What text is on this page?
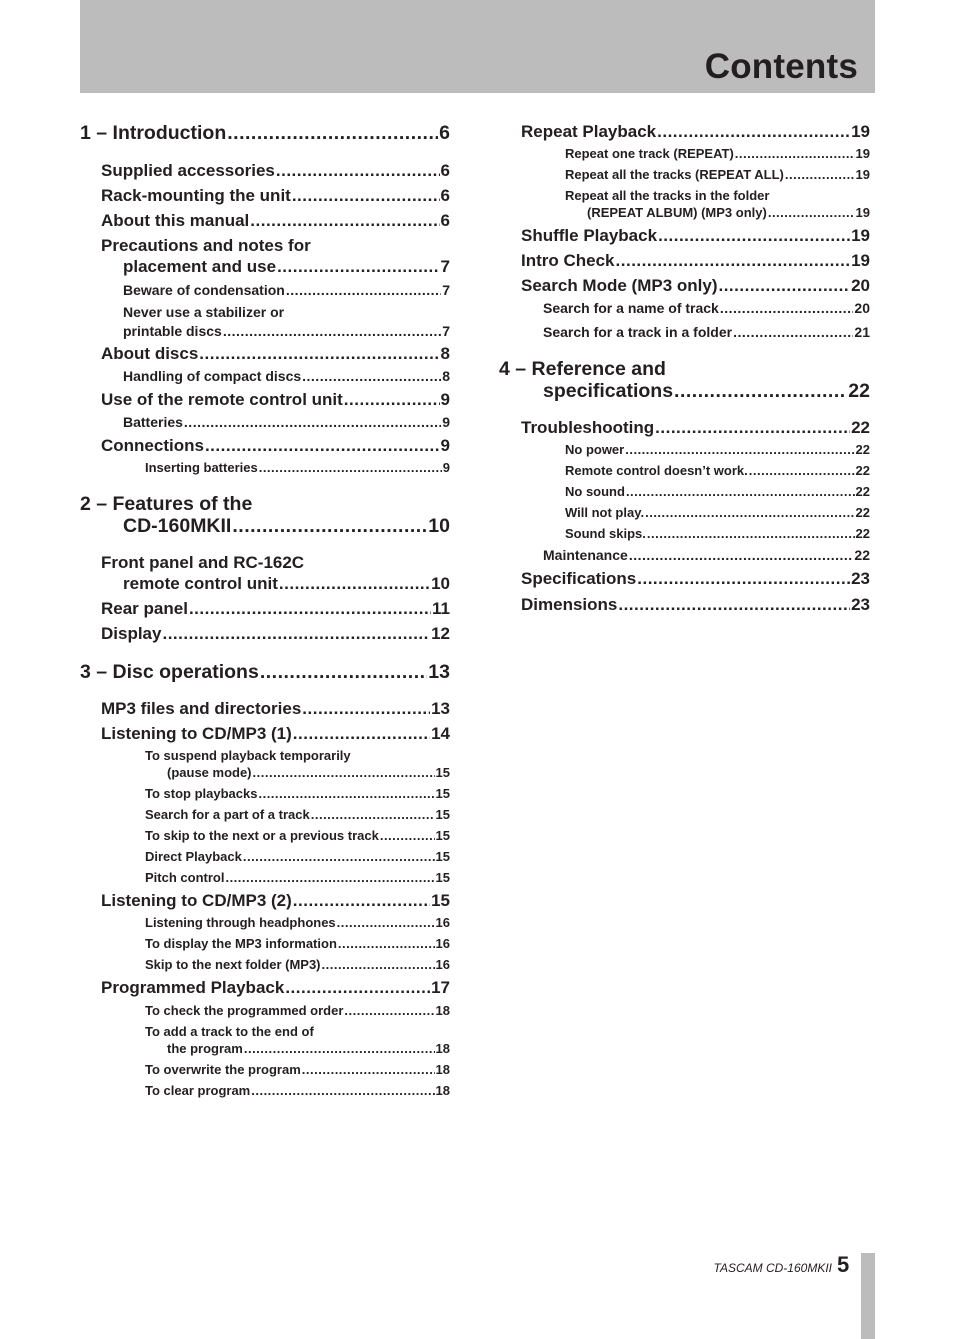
Contents
1 – Introduction .....	6
Supplied accessories .....	6
Rack-mounting the unit .....	6
About this manual .....	6
Precautions and notes for
placement and use .....	7
Beware of condensation .....	7
Never use a stabilizer or
printable discs .....	7
About discs .....	8
Handling of compact discs .....	8
Use of the remote control unit .....	9
Batteries .....	9
Connections .....	9
Inserting batteries .....	9
2 – Features of the
CD-160MKII .....	10
Front panel and RC-162C
remote control unit .....	10
Rear panel .....	11
Display .....	12
3 – Disc operations .....	13
MP3 files and directories .....	13
Listening to CD/MP3 (1) .....	14
To suspend playback temporarily
(pause mode) .....	15
To stop playbacks .....	15
Search for a part of a track .....	15
To skip to the next or a previous track .....	15
Direct Playback .....	15
Pitch control .....	15
Listening to CD/MP3 (2) .....	15
Listening through headphones .....	16
To display the MP3 information .....	16
Skip to the next folder (MP3) .....	16
Programmed Playback .....	17
To check the programmed order .....	18
To add a track to the end of
the program .....	18
To overwrite the program .....	18
To clear program .....	18
Repeat Playback .....	19
Repeat one track (REPEAT) .....	19
Repeat all the tracks (REPEAT ALL) .....	19
Repeat all the tracks in the folder
(REPEAT ALBUM) (MP3 only) .....	19
Shuffle Playback .....	19
Intro Check .....	19
Search Mode (MP3 only) .....	20
Search for a name of track .....	20
Search for a track in a folder .....	21
4 – Reference and
specifications .....	22
Troubleshooting .....	22
No power .....	22
Remote control doesn’t work. .....	22
No sound .....	22
Will not play. .....	22
Sound skips. .....	22
Maintenance .....	22
Specifications .....	23
Dimensions .....	23
TASCAM CD-160MKII 5
